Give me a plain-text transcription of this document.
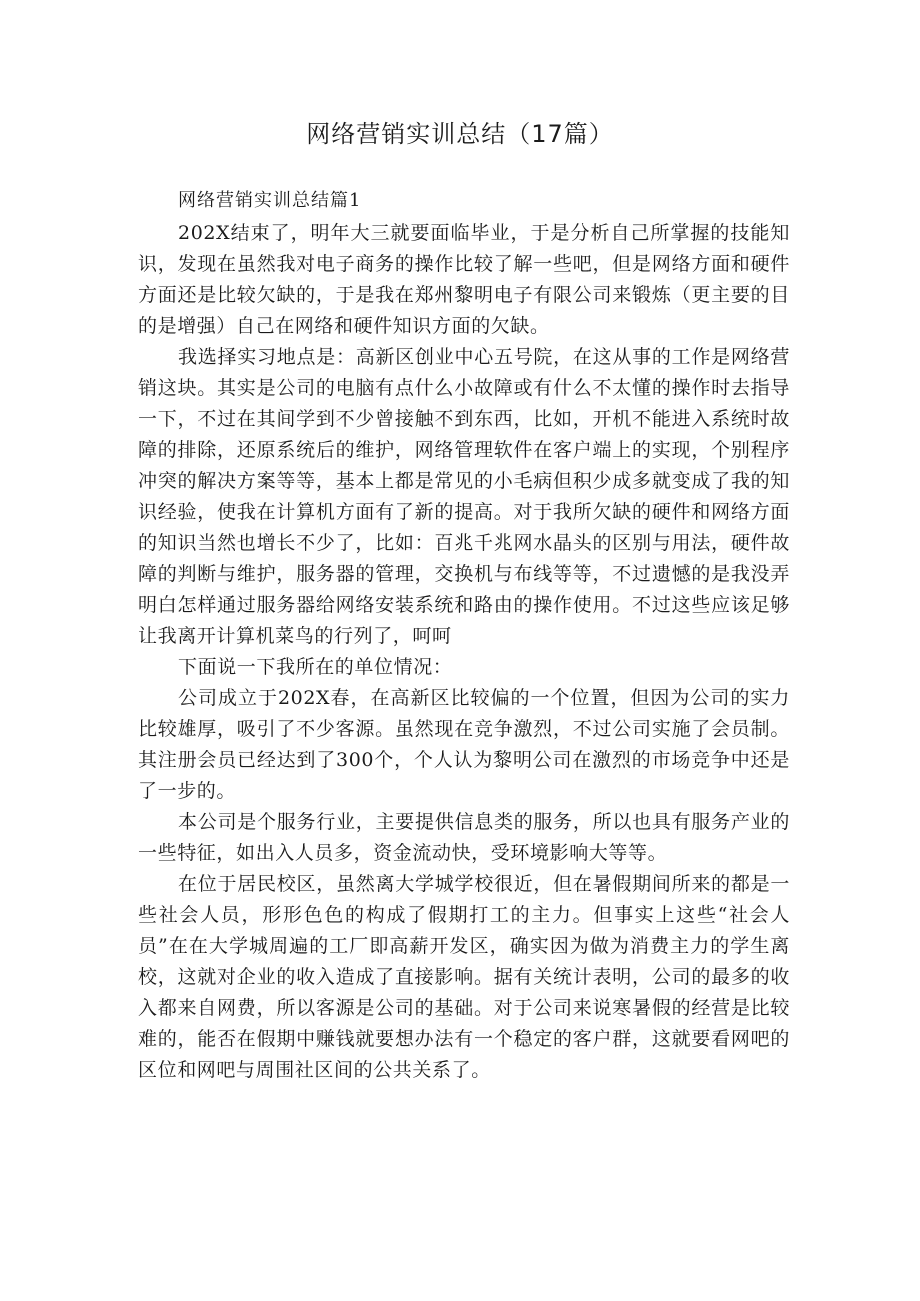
网络营销实训总结（17篇）
网络营销实训总结篇1

202X结束了，明年大三就要面临毕业，于是分析自己所掌握的技能知识，发现在虽然我对电子商务的操作比较了解一些吧，但是网络方面和硬件方面还是比较欠缺的，于是我在郑州黎明电子有限公司来锻炼（更主要的目的是增强）自己在网络和硬件知识方面的欠缺。

我选择实习地点是：高新区创业中心五号院，在这从事的工作是网络营销这块。其实是公司的电脑有点什么小故障或有什么不太懂的操作时去指导一下，不过在其间学到不少曾接触不到东西，比如，开机不能进入系统时故障的排除，还原系统后的维护，网络管理软件在客户端上的实现，个别程序冲突的解决方案等等，基本上都是常见的小毛病但积少成多就变成了我的知识经验，使我在计算机方面有了新的提高。对于我所欠缺的硬件和网络方面的知识当然也增长不少了，比如：百兆千兆网水晶头的区别与用法，硬件故障的判断与维护，服务器的管理，交换机与布线等等，不过遗憾的是我没弄明白怎样通过服务器给网络安装系统和路由的操作使用。不过这些应该足够让我离开计算机菜鸟的行列了，呵呵

下面说一下我所在的单位情况：

公司成立于202X春，在高新区比较偏的一个位置，但因为公司的实力比较雄厚，吸引了不少客源。虽然现在竞争激烈，不过公司实施了会员制。其注册会员已经达到了300个，个人认为黎明公司在激烈的市场竞争中还是了一步的。

本公司是个服务行业，主要提供信息类的服务，所以也具有服务产业的一些特征，如出入人员多，资金流动快，受环境影响大等等。

在位于居民校区，虽然离大学城学校很近，但在暑假期间所来的都是一些社会人员，形形色色的构成了假期打工的主力。但事实上这些“社会人员”在在大学城周遍的工厂即高薪开发区，确实因为做为消费主力的学生离校，这就对企业的收入造成了直接影响。据有关统计表明，公司的最多的收入都来自网费，所以客源是公司的基础。对于公司来说寒暑假的经营是比较难的，能否在假期中赚钱就要想办法有一个稳定的客户群，这就要看网吧的区位和网吧与周围社区间的公共关系了。
